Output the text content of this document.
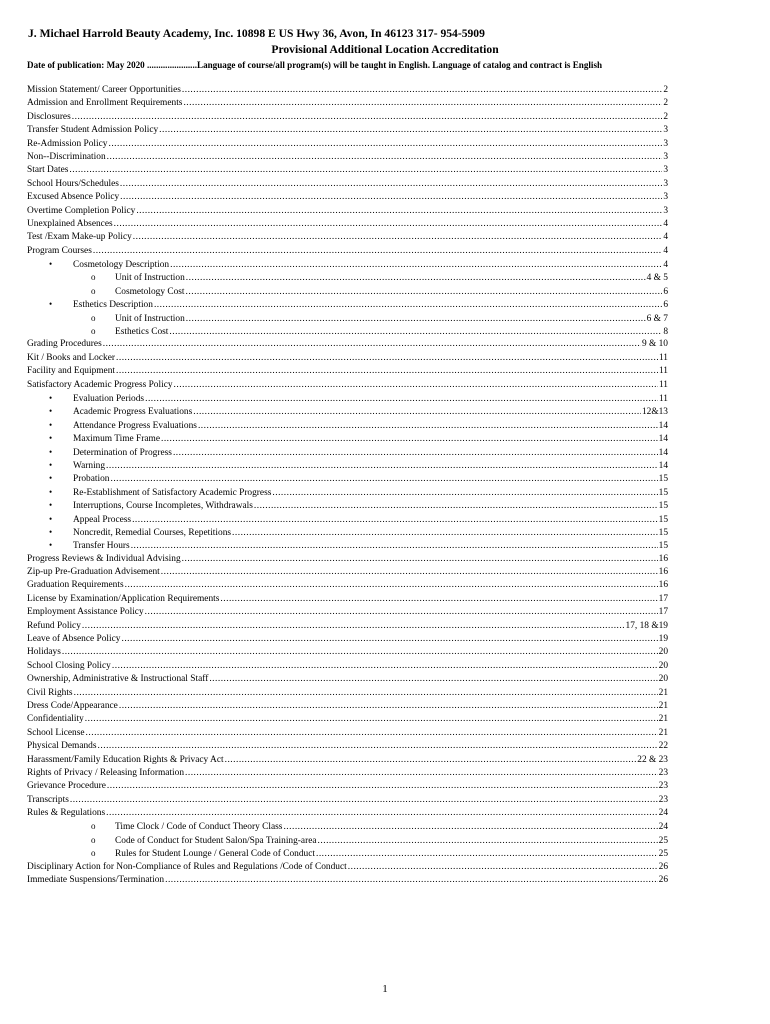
J. Michael Harrold Beauty Academy, Inc. 10898 E US Hwy 36, Avon, In 46123 317- 954-5909
Provisional Additional Location Accreditation
Date of publication: May 2020 ......................Language of course/all program(s) will be taught in English. Language of catalog and contract is English
Mission Statement/ Career Opportunities .....	2
Admission and Enrollment Requirements .....	2
Disclosures .....	2
Transfer Student Admission Policy .....	3
Re-Admission Policy .....	3
Non--Discrimination .....	3
Start Dates .....	3
School Hours/Schedules .....	3
Excused Absence Policy .....	3
Overtime Completion Policy .....	3
Unexplained Absences .....	4
Test /Exam Make-up Policy .....	4
Program Courses .....	4
•	Cosmetology Description .....	4
o	Unit of Instruction .....	4 & 5
o	Cosmetology Cost .....	6
•	Esthetics Description .....	6
o	Unit of Instruction .....	6 & 7
o	Esthetics Cost .....	8
Grading Procedures .....	9 & 10
Kit / Books and Locker .....	11
Facility and Equipment .....	11
Satisfactory Academic Progress Policy .....	11
•	Evaluation Periods .....	11
•	Academic Progress Evaluations .....	12&13
•	Attendance Progress Evaluations .....	14
•	Maximum Time Frame .....	14
•	Determination of Progress .....	14
•	Warning .....	14
•	Probation .....	15
•	Re-Establishment of Satisfactory Academic Progress .....	15
•	Interruptions, Course Incompletes, Withdrawals .....	15
•	Appeal Process .....	15
•	Noncredit, Remedial Courses, Repetitions .....	15
•	Transfer Hours .....	15
Progress Reviews & Individual Advising .....	16
Zip-up Pre-Graduation Advisement .....	16
Graduation Requirements .....	16
License by Examination/Application Requirements .....	17
Employment Assistance Policy .....	17
Refund Policy .....	17, 18 &19
Leave of Absence Policy .....	19
Holidays .....	20
School Closing Policy .....	20
Ownership, Administrative & Instructional Staff .....	20
Civil Rights .....	21
Dress Code/Appearance .....	21
Confidentiality .....	21
School License .....	21
Physical Demands .....	22
Harassment/Family Education Rights & Privacy Act .....	22 & 23
Rights of Privacy / Releasing Information .....	23
Grievance Procedure .....	23
Transcripts .....	23
Rules & Regulations .....	24
o	Time Clock / Code of Conduct Theory Class .....	24
o	Code of Conduct for Student Salon/Spa Training-area .....	25
o	Rules for Student Lounge / General Code of Conduct .....	25
Disciplinary Action for Non-Compliance of Rules and Regulations /Code of Conduct .....	26
Immediate Suspensions/Termination .....	26
1
